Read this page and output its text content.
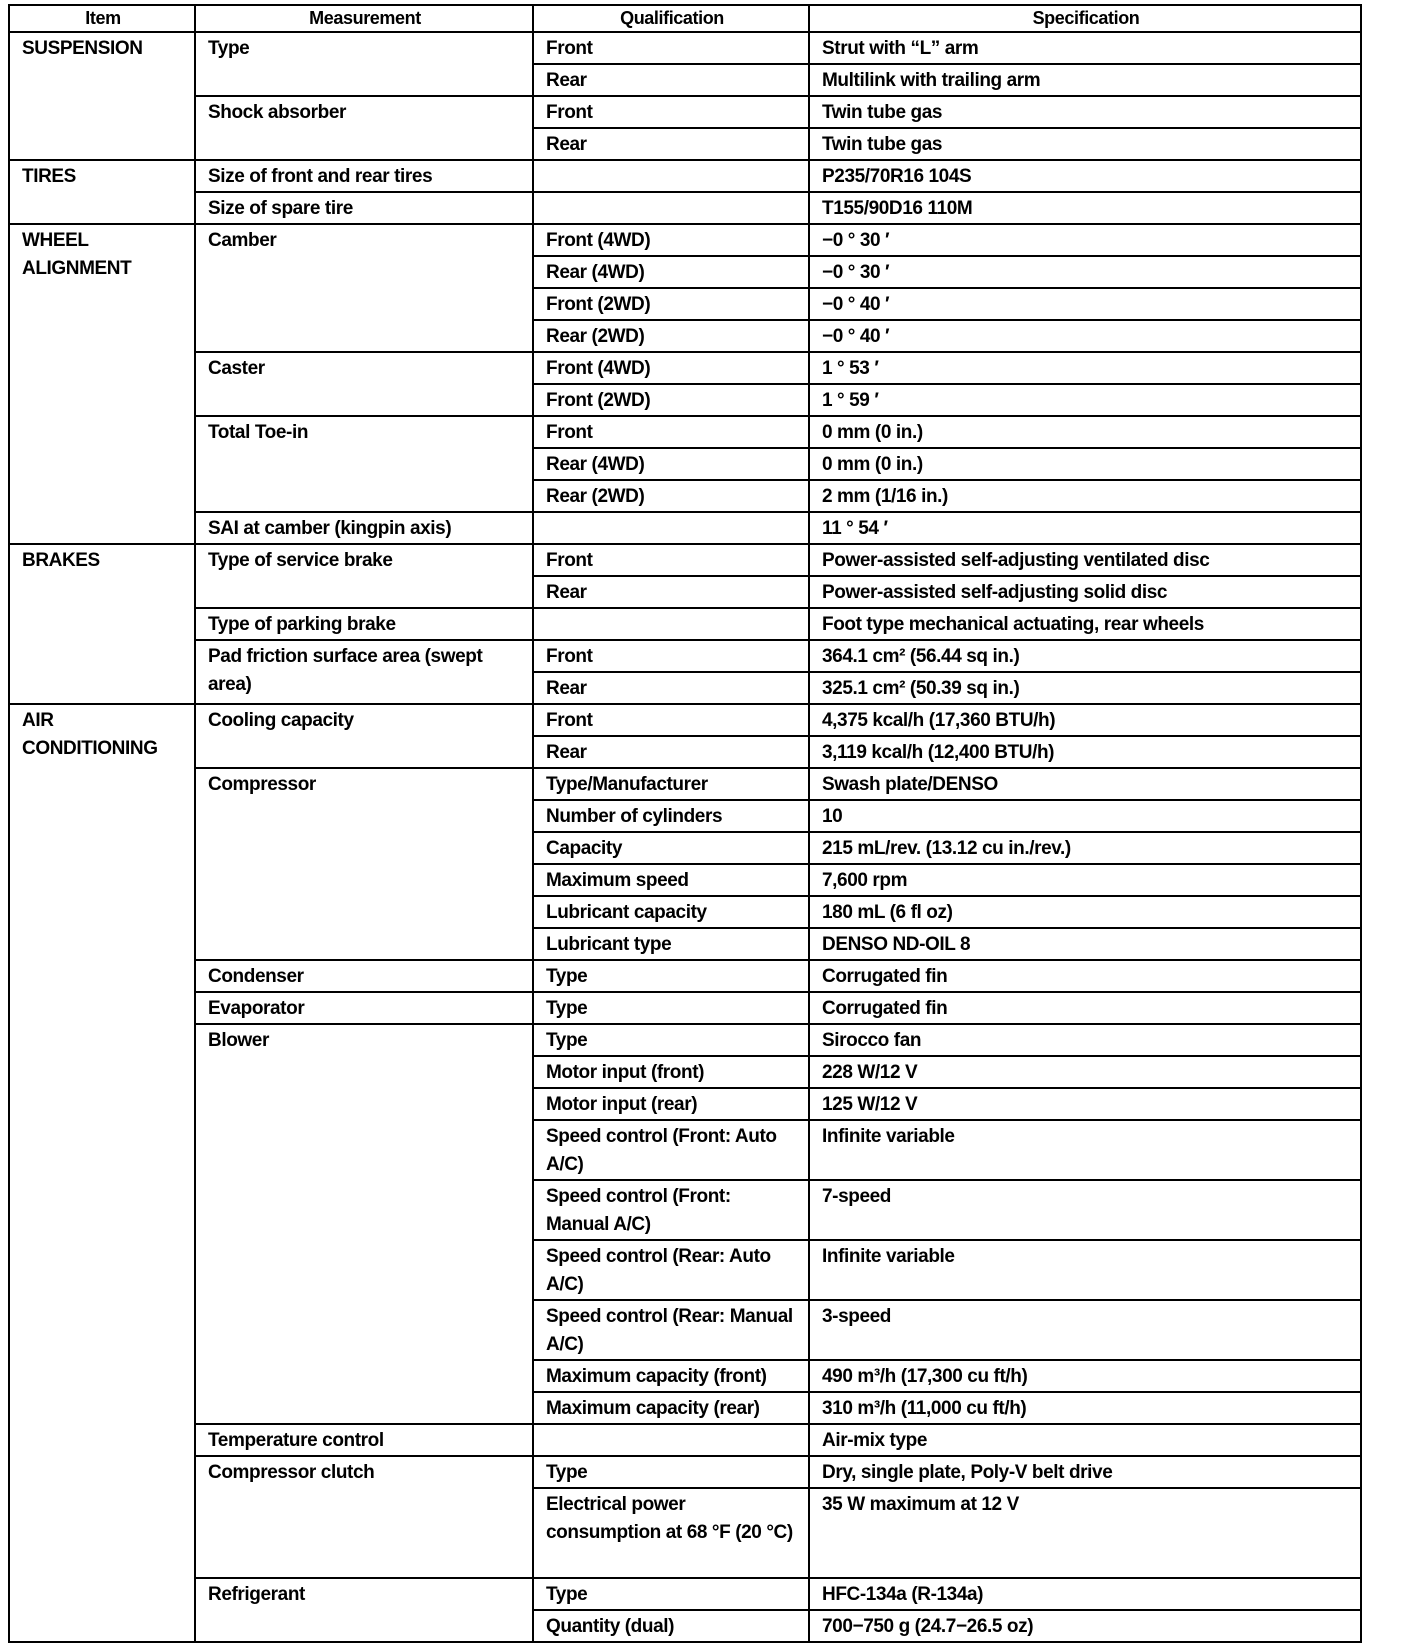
Item	Measurement	Qualification	Specification
SUSPENSION	Type	Front	Strut with “L” arm
		Rear	Multilink with trailing arm
	Shock absorber	Front	Twin tube gas
		Rear	Twin tube gas
TIRES	Size of front and rear tires		P235/70R16 104S
	Size of spare tire		T155/90D16 110M
WHEEL ALIGNMENT	Camber	Front (4WD)	−0 ° 30 ′
		Rear (4WD)	−0 ° 30 ′
		Front (2WD)	−0 ° 40 ′
		Rear (2WD)	−0 ° 40 ′
	Caster	Front (4WD)	1 ° 53 ′
		Front (2WD)	1 ° 59 ′
	Total Toe-in	Front	0 mm (0 in.)
		Rear (4WD)	0 mm (0 in.)
		Rear (2WD)	2 mm (1/16 in.)
	SAI at camber (kingpin axis)		11 ° 54 ′
BRAKES	Type of service brake	Front	Power-assisted self-adjusting ventilated disc
		Rear	Power-assisted self-adjusting solid disc
	Type of parking brake		Foot type mechanical actuating, rear wheels
	Pad friction surface area (swept area)	Front	364.1 cm² (56.44 sq in.)
		Rear	325.1 cm² (50.39 sq in.)
AIR CONDITIONING	Cooling capacity	Front	4,375 kcal/h (17,360 BTU/h)
		Rear	3,119 kcal/h (12,400 BTU/h)
	Compressor	Type/Manufacturer	Swash plate/DENSO
		Number of cylinders	10
		Capacity	215 mL/rev. (13.12 cu in./rev.)
		Maximum speed	7,600 rpm
		Lubricant capacity	180 mL (6 fl oz)
		Lubricant type	DENSO ND-OIL 8
	Condenser	Type	Corrugated fin
	Evaporator	Type	Corrugated fin
	Blower	Type	Sirocco fan
		Motor input (front)	228 W/12 V
		Motor input (rear)	125 W/12 V
		Speed control (Front: Auto A/C)	Infinite variable
		Speed control (Front: Manual A/C)	7-speed
		Speed control (Rear: Auto A/C)	Infinite variable
		Speed control (Rear: Manual A/C)	3-speed
		Maximum capacity (front)	490 m³/h (17,300 cu ft/h)
		Maximum capacity (rear)	310 m³/h (11,000 cu ft/h)
	Temperature control		Air-mix type
	Compressor clutch	Type	Dry, single plate, Poly-V belt drive
		Electrical power consumption at 68 °F (20 °C)	35 W maximum at 12 V
	Refrigerant	Type	HFC-134a (R-134a)
		Quantity (dual)	700−750 g (24.7−26.5 oz)
